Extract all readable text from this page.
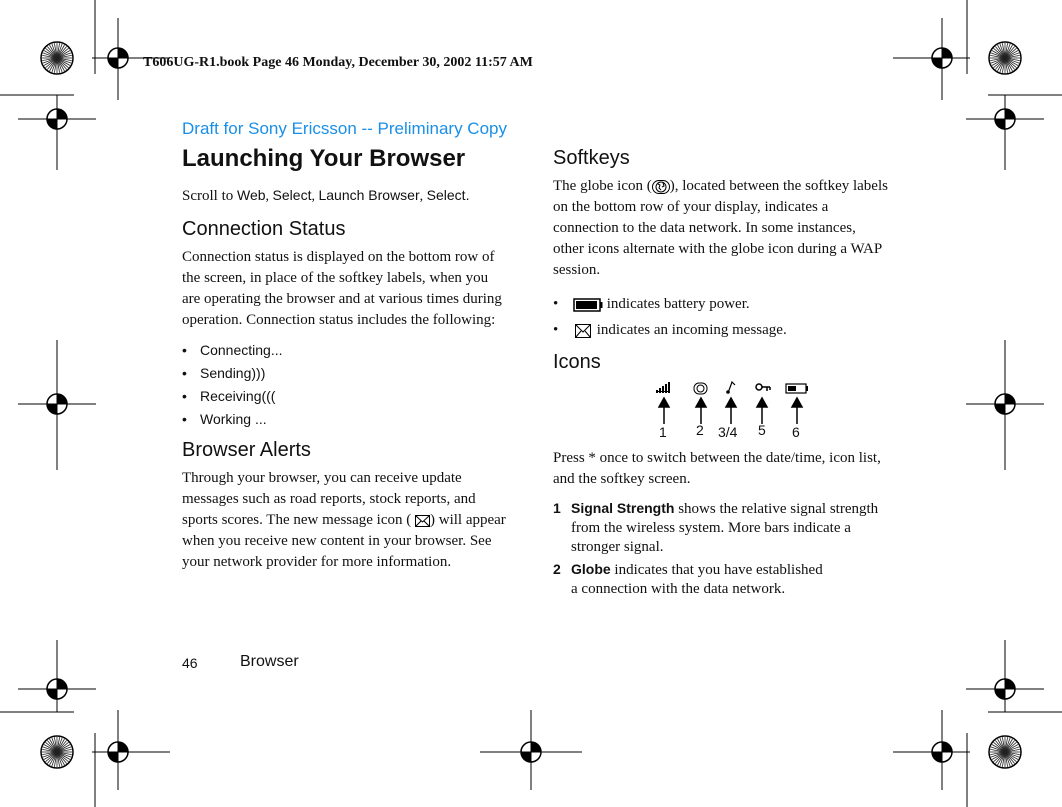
T606UG-R1.book Page 46 Monday, December 30, 2002 11:57 AM
Draft for Sony Ericsson -- Preliminary Copy
Launching Your Browser
Scroll to Web, Select, Launch Browser, Select.
Connection Status
Connection status is displayed on the bottom row of
the screen, in place of the softkey labels, when you
are operating the browser and at various times during
operation. Connection status includes the following:
• Connecting...
• Sending)))
• Receiving(((
• Working ...
Browser Alerts
Through your browser, you can receive update
messages such as road reports, stock reports, and
sports scores. The new message icon ( ) will appear
when you receive new content in your browser. See
your network provider for more information.
Softkeys
The globe icon ( ), located between the softkey labels
on the bottom row of your display, indicates a
connection to the data network. In some instances,
other icons alternate with the globe icon during a WAP
session.
•	indicates battery power.
• indicates an incoming message.
Icons
1 2 3/4 5 6
Press * once to switch between the date/time, icon list,
and the softkey screen.
1 Signal Strength shows the relative signal strength
from the wireless system. More bars indicate a
stronger signal.
2 Globe indicates that you have established
a connection with the data network.
46	Browser
